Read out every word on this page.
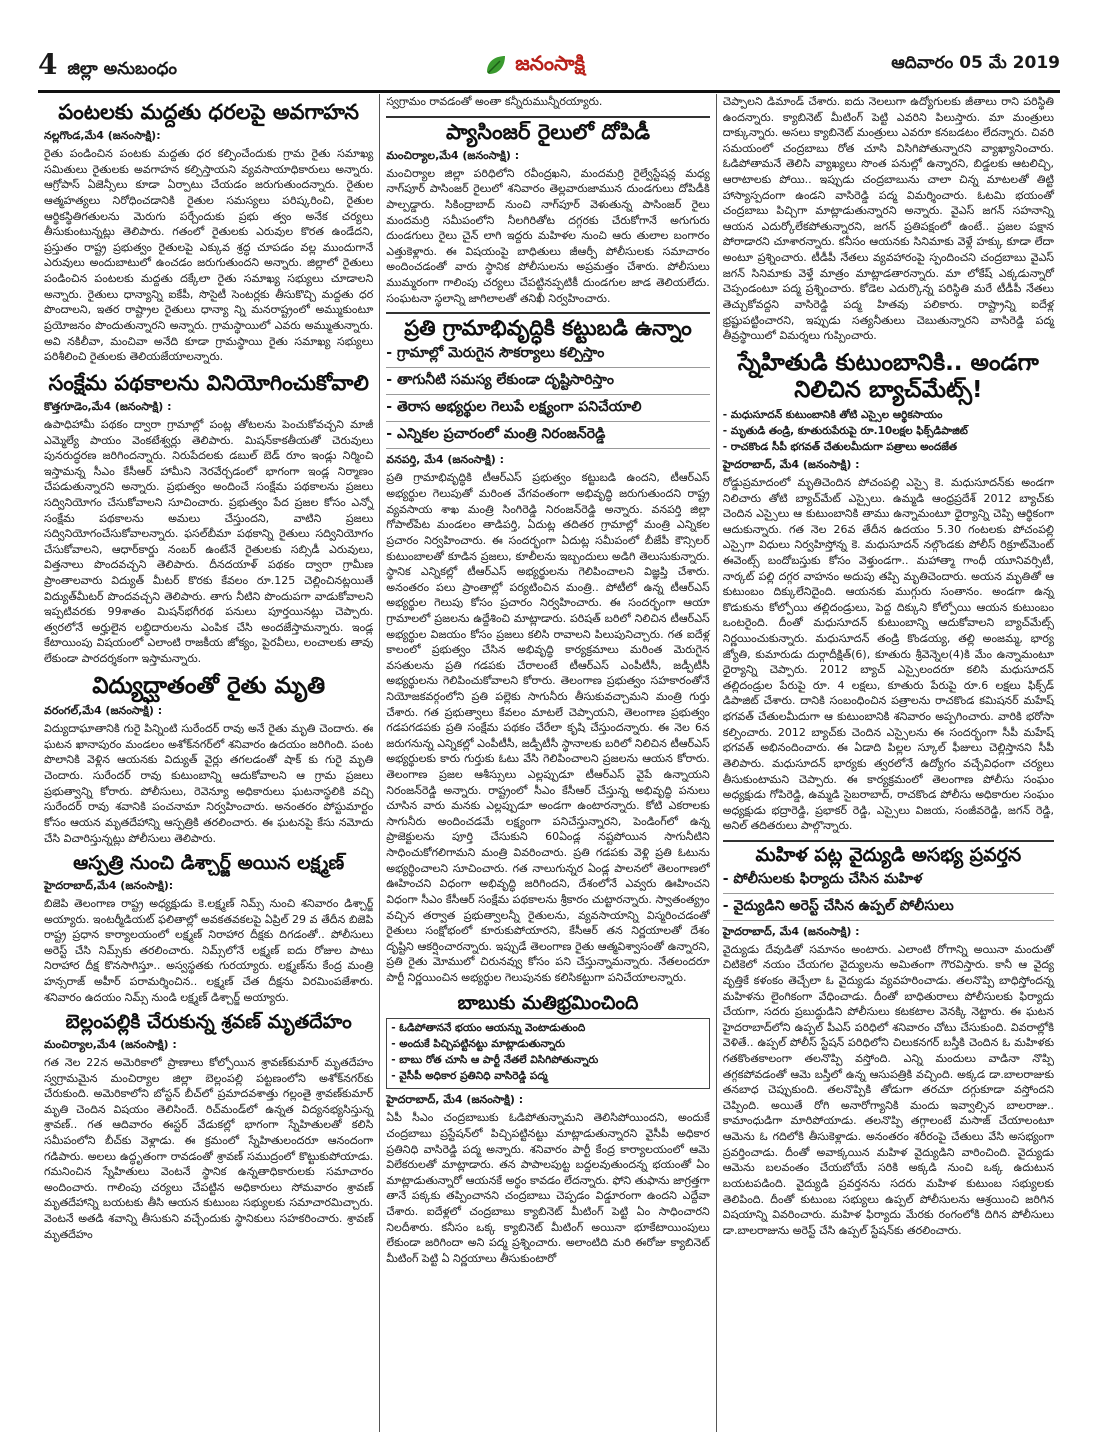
4 జిల్లా అనుబంధం	జనంసాక్షి	ఆదివారం 05 మే 2019
పంటలకు మద్దతు ధరలపై అవగాహన
నల్లగొండ,మే4 (జనంసాక్షి):

రైతు పండించిన పంటకు మద్దతు ధర కల్పించేందుకు గ్రామ రైతు సమాఖ్య సమితులు రైతులకు అవగాహన కల్పిస్తాయని వ్యవసాయాధికారులు అన్నారు. ఆగ్రోపాస్‌ ఏజెన్సీలు కూడా ఏర్పాటు చేయడం జరుగుతుందన్నారు. రైతుల ఆత్మహత్యలు నిరోధించడానికి రైతుల సమస్యలు పరిష్కరించి, రైతుల ఆర్థికస్థితిగతులను మెరుగు పర్చేందుకు ప్రభు త్వం అనేక చర్యలు తీసుకుంటున్నట్లు తెలిపారు. గతంలో రైతులకు ఎరువుల కొరత ఉండేదని, ప్రస్తుతం రాష్ట్ర ప్రభుత్వం రైతులపై ఎక్కువ శ్రద్ధ చూపడం వల్ల ముందుగానే ఎరువులు అందుబాటులో ఉంచడం జరుగుతుందని అన్నారు. జిల్లాలో రైతులు పండించిన పంటలకు మద్దతు దక్కేలా రైతు సమాఖ్య సభ్యులు చూడాలని అన్నారు. రైతులు ధాన్యాన్ని ఐకేపీ, సొసైటీ సెంటర్లకు తీసుకొచ్చి మద్దతు ధర పొందాలని, ఇతర రాష్ట్రాల రైతులు ధాన్యా న్ని మనరాష్ట్రంలో అమ్ముకుంటూ ప్రయోజనం పొందుతున్నారని అన్నారు. గ్రామస్థాయిలో ఎవరు అమ్ముతున్నారు. అవి నకిలీవా, మంచివా అనేది కూడా గ్రామస్థాయి రైతు సమాఖ్య సభ్యులు పరిశీలించి రైతులకు తెలియజేయాలన్నారు.

సంక్షేమ పథకాలను వినియోగించుకోవాలి
కొత్తగూడెం,మే4 (జనంసాక్షి) :

ఉపాధిహామీ పథకం ద్వారా గ్రామాల్లో పంట్ల తోటలను పెంచుకోవచ్చని మాజీ ఎమ్మెల్యే పాయం వెంకటేశ్వర్లు తెలిపారు. మిషన్‌కాకతీయతో చెరువులు పునరుద్ధరణ జరిగిందన్నారు. నిరుపేదలకు డబుల్‌ బెడ్‌ రూం ఇండ్లు నిర్మించి ఇస్తామన్న సీఎం కేసీఆర్‌ హామీని నెరవేర్చడంలో భాగంగా ఇండ్ల నిర్మాణం చేపడుతున్నారని అన్నారు. ప్రభుత్వం అందించే సంక్షేమ పథకాలను ప్రజలు సద్వినియోగం చేసుకోవాలని సూచించారు. ప్రభుత్వం పేద ప్రజల కోసం ఎన్నో సంక్షేమ పథకాలను అమలు చేస్తుందని, వాటిని ప్రజలు సద్వినియోగంచేసుకోవాలన్నారు. ఫసల్‌బీమా పథకాన్ని రైతులు సద్వినియోగం చేసుకోవాలని, ఆధార్‌కార్డు నంబర్‌ ఉంటేనే రైతులకు సబ్సిడీ ఎరువులు, విత్తనాలు పొందవచ్చని తెలిపారు. దీనదయాళ్‌ పథకం ద్వారా గ్రామీణ ప్రాంతాలవారు విద్యుత్‌ మీటర్‌ కొరకు కేవలం రూ.125 చెల్లించినట్లయితే విద్యుత్‌మీటర్‌ పొందవచ్చని తెలిపారు. తాగు నీటిని పొందుపగా వాడుకోవాలని ఇప్పటివరకు 99శాతం మిషన్‌భగీరథ పనులు పూర్తయినట్లు చెప్పారు. త్వరలోనే అర్హులైన లబ్ధిదారులను ఎంపిక చేసి అందజేస్తామన్నారు. ఇండ్ల కేటాయింపు విషయంలో ఎలాంటి రాజకీయ జోక్యం, పైరవీలు, లంచాలకు తావు లేకుండా పారదర్శకంగా ఇస్తామన్నారు.

విద్యుద్ఘాతంతో రైతు మృతి
వరంగల్‌,మే4 (జనంసాక్షి) :

విద్యుదాఘాతానికి గురై పిన్నింటి సురేందర్‌ రావు అనే రైతు మృతి చెందారు. ఈ ఘటన ఖానాపురం మండలం అశోక్‌నగర్‌లో శనివారం ఉదయం జరిగింది. పంట పొలానికి వెళ్లిన ఆయనకు విద్యుత్‌ వైర్లు తగలడంతో షాక్‌ కు గురై మృతి చెందారు. సురేందర్‌ రావు కుటుంబాన్ని ఆదుకోవాలని ఆ గ్రామ ప్రజలు ప్రభుత్వాన్ని కోరారు. పోలీసులు, రెవెన్యూ అధికారులు ఘటనాస్థలికి వచ్చి సురేందర్‌ రావు శవానికి పంచనామా నిర్వహించారు. అనంతరం పోస్టుమార్టం కోసం ఆయన మృతదేహాన్ని ఆస్పత్రికి తరలించారు. ఈ ఘటనపై కేసు నమోదు చేసి విచారిస్తున్నట్లు పోలీసులు తెలిపారు.

ఆస్పత్రి నుంచి డిశ్చార్జ్‌ అయిన లక్ష్మణ్‌
హైదరాబాద్‌,మే4 (జనంసాక్షి):

బిజెపి తెలంగాణ రాష్ట్ర అధ్యక్షుడు కె.లక్ష్మణ్‌ నిమ్స్‌ నుంచి శనివారం డిశ్చార్జ్‌ అయ్యారు. ఇంటర్మీడియట్‌ ఫలితాల్లో అవకతవకలపై ఏప్రిల్‌ 29 వ తేదీన బిజెపి రాష్ట్ర ప్రధాన కార్యాలయంలో లక్ష్మణ్‌ నిరాహార దీక్షకు దిగడంతో.. పోలీసులు అరెస్ట్‌ చేసి నిమ్స్‌కు తరలించారు. నిమ్స్‌లోనే లక్ష్మణ్‌ ఐదు రోజుల పాటు నిరాహార దీక్ష కొనసాగిస్తూ.. అస్వస్థతకు గురయ్యారు. లక్ష్మణ్‌ను కేంద్ర మంత్రి హన్సరాజ్‌ అహీర్‌ పరామర్శించిన.. లక్ష్మణ్‌ చేత దీక్షను విరమింపజేశారు. శనివారం ఉదయం నిమ్స్‌ నుండి లక్ష్మణ్‌ డిశ్చార్జ్‌ అయ్యారు.

బెల్లంపల్లికి చేరుకున్న శ్రవణ్‌ మృతదేహం
మంచిర్యాల,మే4 (జనంసాక్షి) :

గత నెల 22న అమెరికాలో ప్రాణాలు కోల్పోయిన శ్రావణ్‌కుమార్‌ మృతదేహం స్వగ్రామమైన మంచిర్యాల జిల్లా బెల్లంపల్లి పట్టణంలోని అశోక్‌నగర్‌కు చేరుకుంది. అమెరికాలోని బోస్టన్‌ బీచ్‌లో ప్రమాదవశాత్తు గల్లంతై శ్రావణ్‌కుమార్‌ మృతి చెందిన విషయం తెలిసిందే. రిచ్‌మండ్‌లో ఉన్నత విద్యనభ్యసిస్తున్న శ్రావణ్‌.. గత ఆదివారం ఈస్టర్‌ వేడుకల్లో భాగంగా స్నేహితులతో కలిసి సమీపంలోని బీచ్‌కు వెళ్లాడు. ఈ క్రమంలో స్నేహితులందరూ ఆనందంగా గడిపారు. అలలు ఉద్ధృతంగా రావడంతో శ్రావణ్‌ సముద్రంలో కొట్టుకుపోయాడు. గమనించిన స్నేహితులు వెంటనే స్థానిక ఉన్నతాధికారులకు సమాచారం అందించారు. గాలింపు చర్యలు చేపట్టిన అధికారులు సోమవారం శ్రావణ్‌ మృతదేహాన్ని బయటకు తీసి ఆయన కుటుంబ సభ్యులకు సమాచారమిచ్చారు. వెంటనే అతడి శవాన్ని తీసుకుని వచ్చేందుకు స్థానికులు సహకరించారు. శ్రావణ్‌ మృతదేహం

స్వగ్రామం రావడంతో అంతా కన్నీరుమున్నీరయ్యారు.

ప్యాసింజర్‌ రైలులో దోపిడీ
మంచిర్యాల,మే4 (జనంసాక్షి) :

మంచిర్యాల జిల్లా పరిధిలోని రవీంద్రఖని, మందమర్రి రైల్వేస్టేషన్ల మధ్య నాగ్‌పూర్‌ పాసింజర్‌ రైలులో శనివారం తెల్లవారుజామున దుండగులు దోపిడీకి పాల్పడ్డారు. సికింద్రాబాద్‌ నుంచి నాగ్‌పూర్‌ వెళుతున్న పాసింజర్‌ రైలు మందమర్రి సమీపంలోని నీలగిరితోట దగ్గరకు చేరుకోగానే అగుగురు దుండగులు రైలు చైన్‌ లాగి ఇద్దరు మహిళల నుంచి ఆరు తులాల బంగారం ఎత్తుకెళ్లారు. ఈ విషయంపై బాధితులు జీఆర్పీ పోలీసులకు సమాచారం అందించడంతో వారు స్థానిక పోలీసులను అప్రమత్తం చేశారు. పోలీసులు ముమ్మరంగా గాలింపు చర్యలు చేపట్టినప్పటికీ దుండగుల జాడ తెలియలేదు. సంఘటనా స్థలాన్ని జాగిలాలతో తనిఖీ నిర్వహించారు.

ప్రతి గ్రామాభివృద్ధికి కట్టుబడి ఉన్నాం
- గ్రామాల్లో మెరుగైన సౌకర్యాలు కల్పిస్తాం
- తాగునీటి సమస్య లేకుండా దృష్టిసారిస్తాం
- తెరాస అభ్యర్థుల గెలుపే లక్ష్యంగా పనిచేయాలి
- ఎన్నికల ప్రచారంలో మంత్రి నిరంజన్‌రెడ్డి
వనపర్తి, మే4 (జనంసాక్షి) :

ప్రతి గ్రామాభివృద్ధికి టీఆర్‌ఎస్‌ ప్రభుత్వం కట్టుబడి ఉందని, టీఆర్‌ఎస్‌ అభ్యర్థుల గెలుపుతో మరింత వేగవంతంగా అభివృద్ధి జరుగుతుందని రాష్ట్ర వ్యవసాయ శాఖ మంత్రి సింగిరెడ్డి నిరంజన్‌రెడ్డి అన్నారు. వనపర్తి జిల్లా గోపాల్‌పేట మండలం తాడిపర్తి, ఏదుట్ల తదితర గ్రామాల్లో మంత్రి ఎన్నికల ప్రచారం నిర్వహించారు. ఈ సందర్భంగా ఏదుట్ల సమీపంలో బీజేపీ కౌన్సిలర్‌ కుటుంబాలతో కూడిన ప్రజలు, కూలీలను ఇబ్బందులు అడిగి తెలుసుకున్నారు. స్థానిక ఎన్నికల్లో టీఆర్‌ఎస్‌ అభ్యర్థులను గెలిపించాలని విజ్ఞప్తి చేశారు. అనంతరం పలు ప్రాంతాల్లో పర్యటించిన మంత్రి.. పోటీలో ఉన్న టీఆర్‌ఎస్‌ అభ్యర్థుల గెలుపు కోసం ప్రచారం నిర్వహించారు. ఈ సందర్భంగా ఆయా గ్రామాలలో ప్రజలను ఉద్దేశించి మాట్లాడారు. పరిషత్‌ బరిలో నిలిచిన టీఆర్‌ఎస్‌ అభ్యర్థుల విజయం కోసం ప్రజలు కలిసి రావాలని పిలుపునిచ్చారు. గత ఐదేళ్ల కాలంలో ప్రభుత్వం చేసిన అభివృద్ధి కార్యక్రమాలు మరింత మెరుగైన వసతులను ప్రతి గడపకు చేరాలంటే టీఆర్‌ఎస్‌ ఎంపీటీసీ, జడ్పీటీసీ అభ్యర్థులను గెలిపించుకోవాలని కోరారు. తెలంగాణ ప్రభుత్వం సహకారంతోనే నియోజకవర్గంలోని ప్రతి పల్లెకు సాగునీరు తీసుకువచ్చామని మంత్రి గుర్తు చేశారు. గత ప్రభుత్వాలు కేవలం మాటలే చెప్పాయని, తెలంగాణ ప్రభుత్వం గడపగడపకు ప్రతి సంక్షేమ పథకం చేరేలా కృషి చేస్తుందన్నారు. ఈ నెల 6న జరుగనున్న ఎన్నికల్లో ఎంపీటీసీ, జడ్పీటీసీ స్థానాలకు బరిలో నిలిచిన టీఆర్‌ఎస్‌ అభ్యర్థులకు కారు గుర్తుకు ఓటు వేసి గెలిపించాలని ప్రజలను ఆయన కోరారు. తెలంగాణ ప్రజల ఆశీస్సులు ఎల్లప్పుడూ టీఆర్‌ఎస్‌ వైపే ఉన్నాయని నిరంజన్‌రెడ్డి అన్నారు. రాష్ట్రంలో సీఎం కేసీఆర్‌ చేస్తున్న అభివృద్ధి పనులు చూసిన వారు మనకు ఎల్లప్పుడూ అండగా ఉంటారన్నారు. కోటి ఎకరాలకు సాగునీరు అందించడమే లక్ష్యంగా పనిచేస్తున్నారని, పెండింగ్‌లో ఉన్న ప్రాజెక్టులను పూర్తి చేసుకుని 60ఏండ్ల నష్టపోయిన సాగునీటిని సాధించుకోగలిగామని మంత్రి వివరించారు. ప్రతి గడపకు వెళ్లి ప్రతి ఓటును అభ్యర్థించాలని సూచించారు. గత నాలుగున్నర ఏండ్ల పాలనలో తెలంగాణలో ఊహించని విధంగా అభివృద్ధి జరిగిందని, దేశంలోనే ఎవ్వరు ఊహించని విధంగా సీఎం కేసీఆర్‌ సంక్షేమ పథకాలను శ్రీకారం చుట్టారన్నారు. స్వాతంత్య్రం వచ్చిన తర్వాత ప్రభుత్వాలన్నీ రైతులను, వ్యవసాయాన్ని విస్మరించడంతో రైతులు సంక్షోభంలో కూరుకుపోయారని, కేసీఆర్‌ తన నిర్ణయాలతో దేశం దృష్టిని ఆకర్షించారన్నారు. ఇప్పుడే తెలంగాణ రైతు ఆత్మవిశ్వాసంతో ఉన్నారని, ప్రతి రైతు మోములో చిరునవ్వు కోసం పని చేస్తున్నామన్నారు. నేతలందరూ పార్టీ నిర్ణయించిన అభ్యర్థుల గెలుపునకు కలిసికట్టుగా పనిచేయాలన్నారు.

బాబుకు మతిభ్రమించింది
- ఓడిపోతాననే భయం ఆయన్ను వెంటాడుతుంది
- అందుకే పిచ్చిపట్టినట్టు మాట్లాడుతున్నారు
- బాబు రోత చూసి ఆ పార్టీ నేతలే విసిగిపోతున్నారు
- వైసీపీ అధికార ప్రతినిధి వాసిరెడ్డి పద్మ
హైదరాబాద్‌, మే4 (జనంసాక్షి) :

ఏపీ సీఎం చంద్రబాబుకు ఓడిపోతున్నామని తెలిసిపోయిందని, అందుకే చంద్రబాబు ప్రస్టేషన్‌లో పిచ్చిపట్టినట్టు మాట్లాడుతున్నారని వైసీపీ అధికార ప్రతినిధి వాసిరెడ్డి పద్మ అన్నారు. శనివారం పార్టీ కేంద్ర కార్యాలయంలో ఆమె విలేకరులతో మాట్లాడారు. తన పాపాలపుట్ట బద్దలవుతుందన్న భయంతో ఏం మాట్లాడుతున్నారో ఆయనకే అర్థం కావడం లేదన్నారు. ఫోని తుఫాను జాగ్రత్తగా తానే పక్కకు తప్పించానని చంద్రబాబు చెప్పడం విడ్డూరంగా ఉందని ఎద్దేవా చేశారు. ఐదేళ్లలో చంద్రబాబు క్యాబినెట్‌ మీటింగ్‌ పెట్టి ఏం సాధించారని నిలదీశారు. కనీసం ఒక్క క్యాబినెట్‌ మీటింగ్‌ అయినా భూకేటాయింపులు లేకుండా జరిగిందా అని పద్మ ప్రశ్నించారు. అలాంటిది మరి ఈరోజు క్యాబినెట్‌ మీటింగ్‌ పెట్టి ఏ నిర్ణయాలు తీసుకుంటారో

చెప్పాలని డిమాండ్‌ చేశారు. ఐదు నెలలుగా ఉద్యోగులకు జీతాలు రాని పరిస్థితి ఉందన్నారు. క్యాబినెట్‌ మీటింగ్‌ పెట్టి ఎవరిని పిలుస్తారు. మా మంత్రులు దాక్కున్నారు. అసలు క్యాబినెట్‌ మంత్రులు ఎవరూ కనబడటం లేదన్నారు. చివరి సమయంలో చంద్రబాబు రోత చూసి విసిగిపోతున్నారని వ్యాఖ్యానించారు. ఓడిపోతామనే తెలిసి వ్యాఖ్యలు సొంత పనుల్లో ఉన్నారని, బిడ్డలకు ఆటలిచ్చి, ఆరాటాలకు పోయి.. ఇప్పుడు చంద్రబాబును చాలా చిన్న మాటలతో తిట్టి హాస్యాస్పదంగా ఉండని వాసిరెడ్డి పద్మ విమర్శించారు. ఓటమి భయంతో చంద్రబాబు పిచ్చిగా మాట్లాడుతున్నారని అన్నారు. వైఎస్‌ జగన్‌ సహనాన్ని ఆయన ఎదుర్కోలేకపోతున్నారని, జగన్‌ ప్రతిపక్షంలో ఉంటే.. ప్రజల పక్షాన పోరాడారని చూశారన్నారు. కనీసం ఆయనకు సినిమాకు వెళ్లే హక్కు కూడా లేదా అంటూ ప్రశ్నించారు. టీడీపీ నేతలు వ్యవహారంపై స్పందించని చంద్రబాబు వైఎస్‌ జగన్‌ సినిమాకు వెళ్తే మాత్రం మాట్లాడతారన్నారు. మా లోకేష్‌ ఎక్కడున్నారో చెప్పండంటూ పద్మ ప్రశ్నించారు. కోడెల ఎదుర్కొన్న పరిస్థితి మరే టీడీపీ నేతలు తెచ్చుకోవద్దని వాసిరెడ్డి పద్మ హితవు పలికారు. రాష్ట్రాన్ని ఐదేళ్ల భ్రష్టుపట్టించారని, ఇప్పుడు సత్యనీతులు చెబుతున్నారని వాసిరెడ్డి పద్మ తీవ్రస్థాయిలో విమర్శలు గుప్పించారు.

స్నేహితుడి కుటుంబానికి.. అండగా నిలిచిన బ్యాచ్‌మేట్స్‌!
- మధుసూదన్‌ కుటుంబానికి తోటి ఎస్సైల ఆర్థికసాయం
- మృతుడి తండ్రి, కూతురుపేరుపై రూ.10లక్షల ఫిక్స్‌డిపాజిట్‌
- రాచకొండ సీపీ భగవత్‌ చేతులమీదుగా పత్రాలు అందజేత
హైదరాబాద్‌, మే4 (జనంసాక్షి) :

రోడ్డుప్రమాదంలో మృతిచెందిన పోచంపల్లి ఎస్సై కె. మధుసూదన్‌కు అండగా నిలిచారు తోటి బ్యాచ్‌మేట్‌ ఎస్సైలు. ఉమ్మడి ఆంధ్రప్రదేశ్‌ 2012 బ్యాచ్‌కు చెందిన ఎస్సైలు ఆ కుటుంబానికి తాము ఉన్నామంటూ ధైర్యాన్ని చెప్పి ఆర్థికంగా ఆదుకున్నారు. గత నెల 26వ తేదీన ఉదయం 5.30 గంటలకు పోచంపల్లి ఎస్సైగా విధులు నిర్వహిస్తోన్న కె. మధుసూదన్‌ నల్గొండకు పోలీస్‌ రిక్రూట్‌మెంట్‌ ఈవెంట్స్‌ బందోబస్తుకు కోసం వెళ్తుండగా.. మహాత్మా గాంధీ యూనివర్సిటీ, నార్కట్‌ పల్లి దగ్గర వాహనం అదుపు తప్పి మృతిచెందారు. అయన మృతితో ఆ కుటుంబం దిక్కులేనిదైంది. ఆయనకు ముగ్గురు సంతానం. అండగా ఉన్న కొడుకును కోల్పోయి తల్లిదండ్రులు, పెద్ద దిక్కుని కోల్పోయి ఆయన కుటుంబం ఒంటరైంది. దీంతో మధుసూదన్‌ కుటుంబాన్ని ఆదుకోవాలని బ్యాచ్‌మేట్స్‌ నిర్ణయించుకున్నారు. మధుసూదన్‌ తండ్రి కొండయ్య, తల్లి అంజమ్మ, భార్య జ్యోతి, కుమారుడు దుర్గాదీక్షిత్‌(6), కూతురు శ్రీవెన్నెల(4)కి మేం ఉన్నామంటూ ధైర్యాన్ని చెప్పారు. 2012 బ్యాచ్‌ ఎస్సైలందరూ కలిసి మధుసూదన్‌ తల్లిదండ్రుల పేరుపై రూ. 4 లక్షలు, కూతురు పేరుపై రూ.6 లక్షలు ఫిక్స్‌డ్‌ డిపాజిట్‌ చేశారు. దానికి సంబంధించిన పత్రాలను రాచకొండ కమిషనర్‌ మహేష్‌ భగవత్‌ చేతులమీదుగా ఆ కుటుంబానికి శనివారం అప్పగించారు. వారికి భరోసా కల్పించారు. 2012 బ్యాచ్‌కు చెందిన ఎస్సైలను ఈ సందర్భంగా సీపీ మహేష్‌ భగవత్‌ అభినందించారు. ఈ ఏడాది పిల్లల స్కూల్‌ ఫీజులు చెల్లిస్తానని సీపీ తెలిపారు. మధుసూదన్‌ భార్యకు త్వరలోనే ఉద్యోగం వచ్చేవిధంగా చర్యలు తీసుకుంటామని చెప్పారు. ఈ కార్యక్రమంలో తెలంగాణ పోలీసు సంఘం అధ్యక్షుడు గోపిరెడ్డి, ఉమ్మడి సైబరాబాద్‌, రాచకొండ పోలీసు అధికారుల సంఘం అధ్యక్షుడు భద్రారెడ్డి, ప్రభాకర్‌ రెడ్డి, ఎస్సైలు విజయ, సంజీవరెడ్డి, జగన్‌ రెడ్డి, అనిల్‌ తదితరులు పాల్గొన్నారు.

మహిళ పట్ల వైద్యుడి అసభ్య ప్రవర్తన
- పోలీసులకు ఫిర్యాదు చేసిన మహిళ
- వైద్యుడిని అరెస్ట్‌ చేసిన ఉప్పల్‌ పోలీసులు
హైదరాబాద్‌, మే4 (జనంసాక్షి) :

వైద్యుడు దేవుడితో సమానం అంటారు. ఎలాంటి రోగాన్ని అయినా మందుతో చిటికెలో నయం చేయగల వైద్యులను అమితంగా గౌరవిస్తారు. కానీ ఆ వైద్య వృత్తికే కళంకం తెచ్చేలా ఓ వైద్యుడు వ్యవహరించాడు. తలనొప్పి బాధిస్తోందన్న మహిళను లైంగికంగా వేధించాడు. దీంతో బాధితురాలు పోలీసులకు ఫిర్యాదు చేయగా, సదరు ప్రబుద్ధుడిని పోలీసులు కటకటాల వెనక్కి నెట్టారు. ఈ ఘటన హైదరాబాద్‌లోని ఉప్పల్‌ పీఎస్‌ పరిధిలో శనివారం చోటు చేసుకుంది. వివరాల్లోకి వెళితే.. ఉప్పల్‌ పోలీస్‌ స్టేషన్‌ పరిధిలోని చిలుకనగర్‌ బస్తీకి చెందిన ఓ మహిళకు గతకొంతకాలంగా తలనొప్పి వస్తోంది. ఎన్ని మందులు వాడినా నొప్పి తగ్గకపోవడంతో ఆమె బస్తీలో ఉన్న ఆసుపత్రికి వచ్చింది. అక్కడ డా.బాలరాజుకు తనబాధ చెప్పుకుంది. తలనొప్పికి తోడుగా తరచూ దగ్గుకూడా వస్తోందని చెప్పింది. అయితే రోగి అనారోగ్యానికి మందు ఇవ్వాల్సిన బాలరాజు.. కామాంధుడిగా మారిపోయాడు. తలనొప్పి తగ్గాలంటే మసాజ్‌ చేయాలంటూ ఆమెను ఓ గదిలోకి తీసుకెళ్లాడు. అనంతరం శరీరంపై చేతులు వేసి అసభ్యంగా ప్రవర్తించాడు. దీంతో అవాక్కయిన మహిళ వైద్యుడిని వారించింది. వైద్యుడు ఆమెను బలవంతం చేయబోయే సరికి అక్కడి నుంచి ఒక్క ఉదుటున బయటపడింది. వైద్యుడి ప్రవర్తనను సదరు మహిళ కుటుంబ సభ్యులకు తెలిపింది. దీంతో కుటుంబ సభ్యులు ఉప్పల్‌ పోలీసులను ఆశ్రయించి జరిగిన విషయాన్ని వివరించారు. మహిళ ఫిర్యాదు మేరకు రంగంలోకి దిగిన పోలీసులు డా.బాలరాజును అరెస్ట్‌ చేసి ఉప్పల్‌ స్టేషన్‌కు తరలించారు.
